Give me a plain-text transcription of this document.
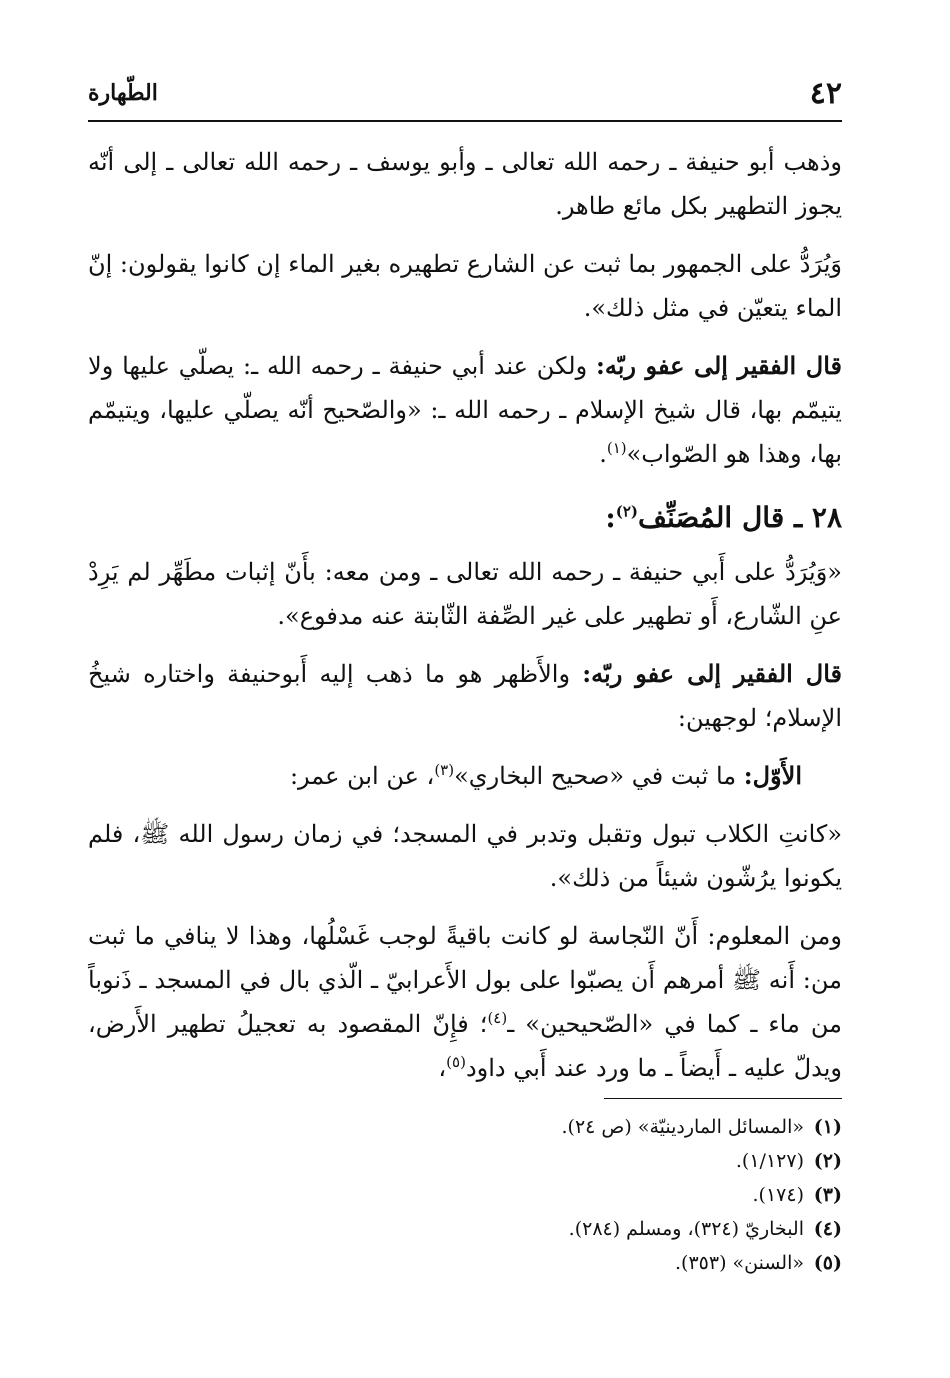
٤٢
الطّهارة

وذهب أبو حنيفة ـ رحمه الله تعالى ـ وأبو يوسف ـ رحمه الله تعالى ـ إلى أنّه يجوز التطهير بكل مائع طاهر.

وَيُرَدُّ على الجمهور بما ثبت عن الشارع تطهيره بغير الماء إن كانوا يقولون: إنّ الماء يتعيّن في مثل ذلك».

قال الفقير إلى عفو ربّه: ولكن عند أبي حنيفة ـ رحمه الله ـ: يصلّي عليها ولا يتيمّم بها، قال شيخ الإسلام ـ رحمه الله ـ: «والصّحيح أنّه يصلّي عليها، ويتيمّم بها، وهذا هو الصّواب»$^{(١)}$.

٢٨ ـ قال المُصَنِّف$^{(٢)}$:

«وَيُرَدُّ على أَبي حنيفة ـ رحمه الله تعالى ـ ومن معه: بأَنّ إثبات مطَهِّر لم يَرِدْ عنِ الشّارع، أَو تطهير على غير الصِّفة الثّابتة عنه مدفوع».

قال الفقير إلى عفو ربّه: والأَظهر هو ما ذهب إليه أَبوحنيفة واختاره شيخُ الإسلام؛ لوجهين:

الأَوّل: ما ثبت في «صحيح البخاري»$^{(٣)}$، عن ابن عمر:

«كانتِ الكلاب تبول وتقبل وتدبر في المسجد؛ في زمان رسول الله ﷺ، فلم يكونوا يرُشّون شيئاً من ذلك».

ومن المعلوم: أَنّ النّجاسة لو كانت باقيةً لوجب غَسْلُها، وهذا لا ينافي ما ثبت من: أَنه ﷺ أمرهم أَن يصبّوا على بول الأَعرابيّ ـ الّذي بال في المسجد ـ ذَنوباً من ماء ـ كما في «الصّحيحين» ـ$^{(٤)}$؛ فإِنّ المقصود به تعجيلُ تطهير الأَرض، ويدلّ عليه ـ أَيضاً ـ ما ورد عند أَبي داود$^{(٥)}$،

(١)«المسائل الماردينيّة» (ص ٢٤).
(٢)(١/١٢٧).
(٣)(١٧٤).
(٤)البخاريّ (٣٢٤)، ومسلم (٢٨٤).
(٥)«السنن» (٣٥٣).
